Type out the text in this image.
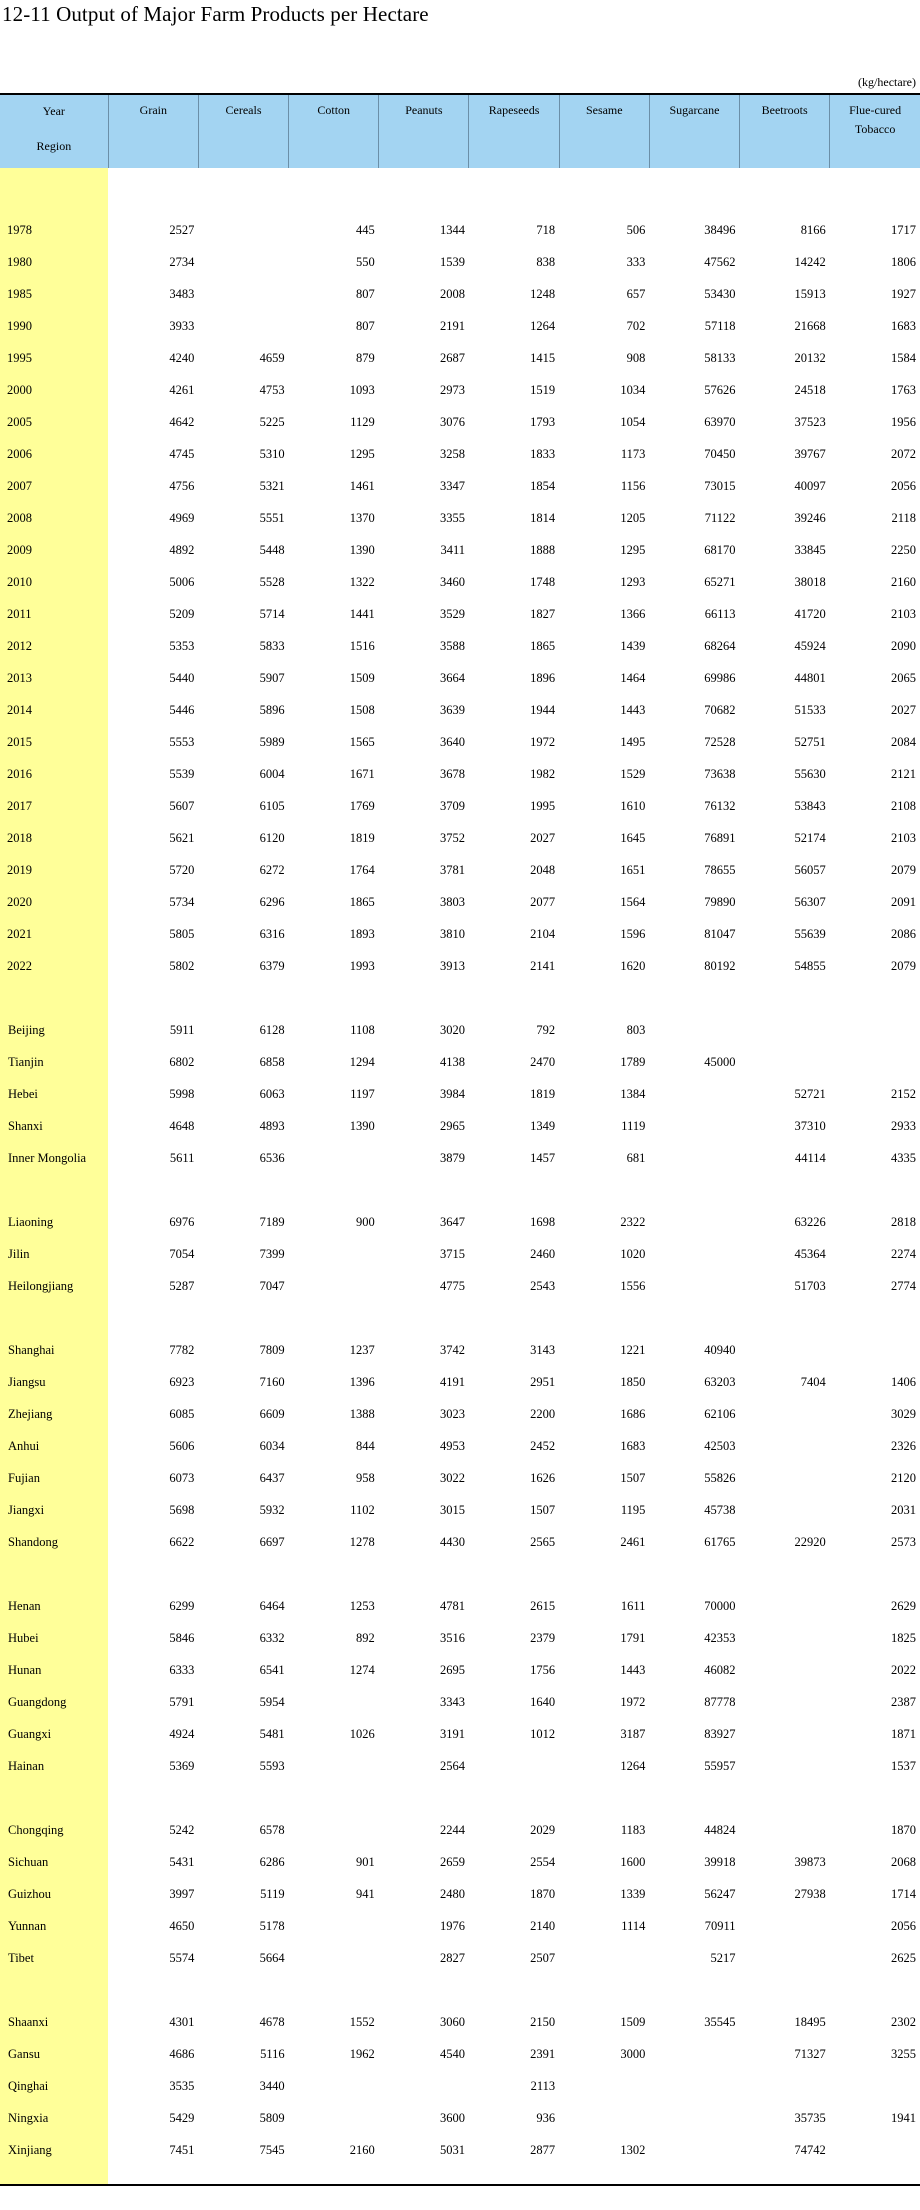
12-11 Output of Major Farm Products per Hectare
(kg/hectare)
Year
Region	Grain	Cereals	Cotton	Peanuts	Rapeseeds	Sesame	Sugarcane	Beetroots	Flue-cured
Tobacco

1978	2527		445	1344	718	506	38496	8166	1717
1980	2734		550	1539	838	333	47562	14242	1806
1985	3483		807	2008	1248	657	53430	15913	1927
1990	3933		807	2191	1264	702	57118	21668	1683
1995	4240	4659	879	2687	1415	908	58133	20132	1584
2000	4261	4753	1093	2973	1519	1034	57626	24518	1763
2005	4642	5225	1129	3076	1793	1054	63970	37523	1956
2006	4745	5310	1295	3258	1833	1173	70450	39767	2072
2007	4756	5321	1461	3347	1854	1156	73015	40097	2056
2008	4969	5551	1370	3355	1814	1205	71122	39246	2118
2009	4892	5448	1390	3411	1888	1295	68170	33845	2250
2010	5006	5528	1322	3460	1748	1293	65271	38018	2160
2011	5209	5714	1441	3529	1827	1366	66113	41720	2103
2012	5353	5833	1516	3588	1865	1439	68264	45924	2090
2013	5440	5907	1509	3664	1896	1464	69986	44801	2065
2014	5446	5896	1508	3639	1944	1443	70682	51533	2027
2015	5553	5989	1565	3640	1972	1495	72528	52751	2084
2016	5539	6004	1671	3678	1982	1529	73638	55630	2121
2017	5607	6105	1769	3709	1995	1610	76132	53843	2108
2018	5621	6120	1819	3752	2027	1645	76891	52174	2103
2019	5720	6272	1764	3781	2048	1651	78655	56057	2079
2020	5734	6296	1865	3803	2077	1564	79890	56307	2091
2021	5805	6316	1893	3810	2104	1596	81047	55639	2086
2022	5802	6379	1993	3913	2141	1620	80192	54855	2079

Beijing	5911	6128	1108	3020	792	803			
Tianjin	6802	6858	1294	4138	2470	1789	45000		
Hebei	5998	6063	1197	3984	1819	1384		52721	2152
Shanxi	4648	4893	1390	2965	1349	1119		37310	2933
Inner Mongolia	5611	6536		3879	1457	681		44114	4335

Liaoning	6976	7189	900	3647	1698	2322		63226	2818
Jilin	7054	7399		3715	2460	1020		45364	2274
Heilongjiang	5287	7047		4775	2543	1556		51703	2774

Shanghai	7782	7809	1237	3742	3143	1221	40940		
Jiangsu	6923	7160	1396	4191	2951	1850	63203	7404	1406
Zhejiang	6085	6609	1388	3023	2200	1686	62106		3029
Anhui	5606	6034	844	4953	2452	1683	42503		2326
Fujian	6073	6437	958	3022	1626	1507	55826		2120
Jiangxi	5698	5932	1102	3015	1507	1195	45738		2031
Shandong	6622	6697	1278	4430	2565	2461	61765	22920	2573

Henan	6299	6464	1253	4781	2615	1611	70000		2629
Hubei	5846	6332	892	3516	2379	1791	42353		1825
Hunan	6333	6541	1274	2695	1756	1443	46082		2022
Guangdong	5791	5954		3343	1640	1972	87778		2387
Guangxi	4924	5481	1026	3191	1012	3187	83927		1871
Hainan	5369	5593		2564		1264	55957		1537

Chongqing	5242	6578		2244	2029	1183	44824		1870
Sichuan	5431	6286	901	2659	2554	1600	39918	39873	2068
Guizhou	3997	5119	941	2480	1870	1339	56247	27938	1714
Yunnan	4650	5178		1976	2140	1114	70911		2056
Tibet	5574	5664		2827	2507		5217		2625

Shaanxi	4301	4678	1552	3060	2150	1509	35545	18495	2302
Gansu	4686	5116	1962	4540	2391	3000		71327	3255
Qinghai	3535	3440			2113				
Ningxia	5429	5809		3600	936			35735	1941
Xinjiang	7451	7545	2160	5031	2877	1302		74742	
